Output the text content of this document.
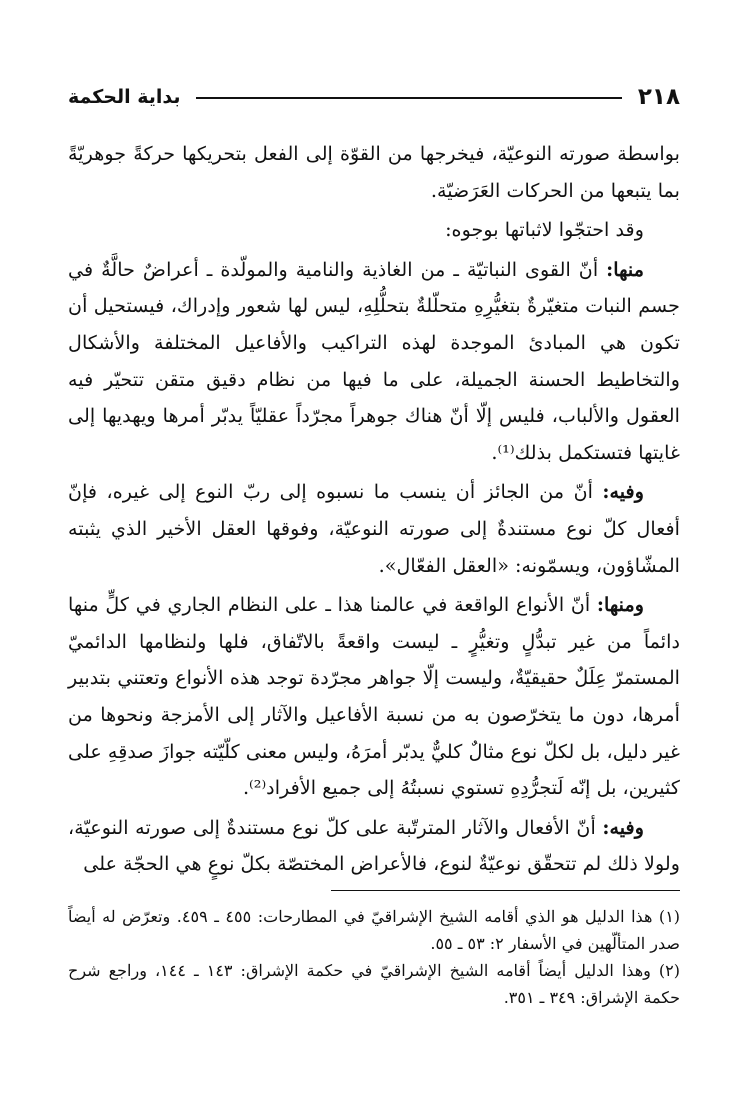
٢١٨
بداية الحكمة

بواسطة صورته النوعيّة، فيخرجها من القوّة إلى الفعل بتحريكها حركةً جوهريّةً بما يتبعها من الحركات العَرَضيّة.

وقد احتجّوا لاثباتها بوجوه:

منها: أنّ القوى النباتيّة ـ من الغاذية والنامية والمولّدة ـ أعراضٌ حالَّةٌ في جسم النبات متغيّرةٌ بتغيُّرِهِ متحلّلةٌ بتحلُّلِهِ، ليس لها شعور وإدراك، فيستحيل أن تكون هي المبادئ الموجدة لهذه التراكيب والأفاعيل المختلفة والأشكال والتخاطيط الحسنة الجميلة، على ما فيها من نظام دقيق متقن تتحيّر فيه العقول والألباب، فليس إلّا أنّ هناك جوهراً مجرّداً عقليّاً يدبّر أمرها ويهديها إلى غايتها فتستكمل بذلك⁽¹⁾.

وفيه: أنّ من الجائز أن ينسب ما نسبوه إلى ربّ النوع إلى غيره، فإنّ أفعال كلّ نوع مستندةٌ إلى صورته النوعيّة، وفوقها العقل الأخير الذي يثبته المشّاؤون، ويسمّونه: «العقل الفعّال».

ومنها: أنّ الأنواع الواقعة في عالمنا هذا ـ على النظام الجاري في كلٍّ منها دائماً من غير تبدُّلٍ وتغيُّرٍ ـ ليست واقعةً بالاتّفاق، فلها ولنظامها الدائميّ المستمرّ عِلَلٌ حقيقيّةٌ، وليست إلّا جواهر مجرّدة توجد هذه الأنواع وتعتني بتدبير أمرها، دون ما يتخرّصون به من نسبة الأفاعيل والآثار إلى الأمزجة ونحوها من غير دليل، بل لكلّ نوع مثالٌ كليٌّ يدبّر أمرَهُ، وليس معنى كلّيّته جوازَ صدقِهِ على كثيرين، بل إنّه لَتجرُّدِهِ تستوي نسبتُهُ إلى جميع الأفراد⁽²⁾.

وفيه: أنّ الأفعال والآثار المترتّبة على كلّ نوع مستندةٌ إلى صورته النوعيّة، ولولا ذلك لم تتحقّق نوعيّةٌ لنوع، فالأعراض المختصّة بكلّ نوعٍ هي الحجّة على

(١) هذا الدليل هو الذي أقامه الشيخ الإشراقيّ في المطارحات: ٤٥٥ ـ ٤٥٩. وتعرّض له أيضاً صدر المتألّهين في الأسفار ٢: ٥٣ ـ ٥٥.

(٢) وهذا الدليل أيضاً أقامه الشيخ الإشراقيّ في حكمة الإشراق: ١٤٣ ـ ١٤٤، وراجع شرح حكمة الإشراق: ٣٤٩ ـ ٣٥١.
